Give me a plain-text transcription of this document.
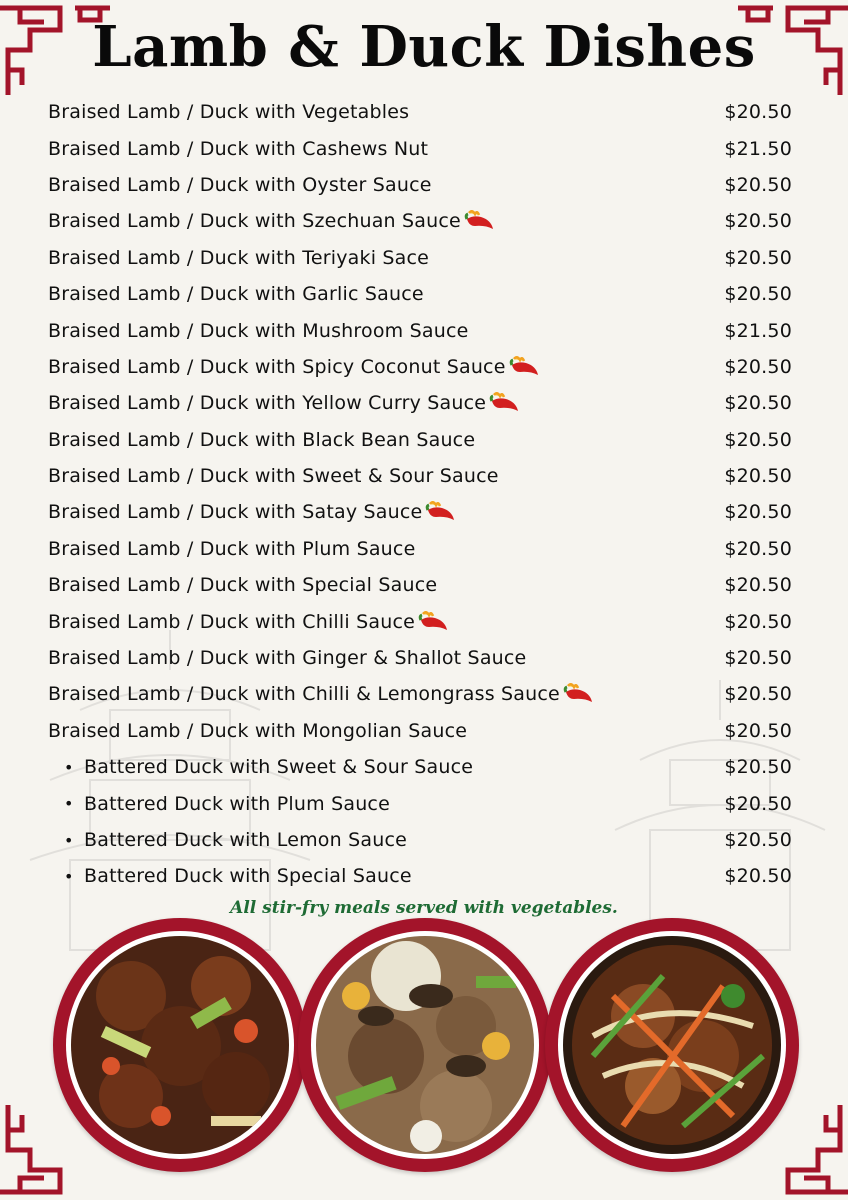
Lamb & Duck Dishes
Braised Lamb / Duck with Vegetables	$20.50
Braised Lamb / Duck with Cashews Nut	$21.50
Braised Lamb / Duck with Oyster Sauce	$20.50
Braised Lamb / Duck with Szechuan Sauce	$20.50
Braised Lamb / Duck with Teriyaki Sace	$20.50
Braised Lamb / Duck with Garlic Sauce	$20.50
Braised Lamb / Duck with Mushroom Sauce	$21.50
Braised Lamb / Duck with Spicy Coconut Sauce	$20.50
Braised Lamb / Duck with Yellow Curry Sauce	$20.50
Braised Lamb / Duck with Black Bean Sauce	$20.50
Braised Lamb / Duck with Sweet & Sour Sauce	$20.50
Braised Lamb / Duck with Satay Sauce	$20.50
Braised Lamb / Duck with Plum Sauce	$20.50
Braised Lamb / Duck with Special Sauce	$20.50
Braised Lamb / Duck with Chilli Sauce	$20.50
Braised Lamb / Duck with Ginger & Shallot Sauce	$20.50
Braised Lamb / Duck with Chilli & Lemongrass Sauce	$20.50
Braised Lamb / Duck with Mongolian Sauce	$20.50
• Battered Duck with Sweet & Sour Sauce	$20.50
• Battered Duck with Plum Sauce	$20.50
• Battered Duck with Lemon Sauce	$20.50
• Battered Duck with Special Sauce	$20.50
All stir-fry meals served with vegetables.
